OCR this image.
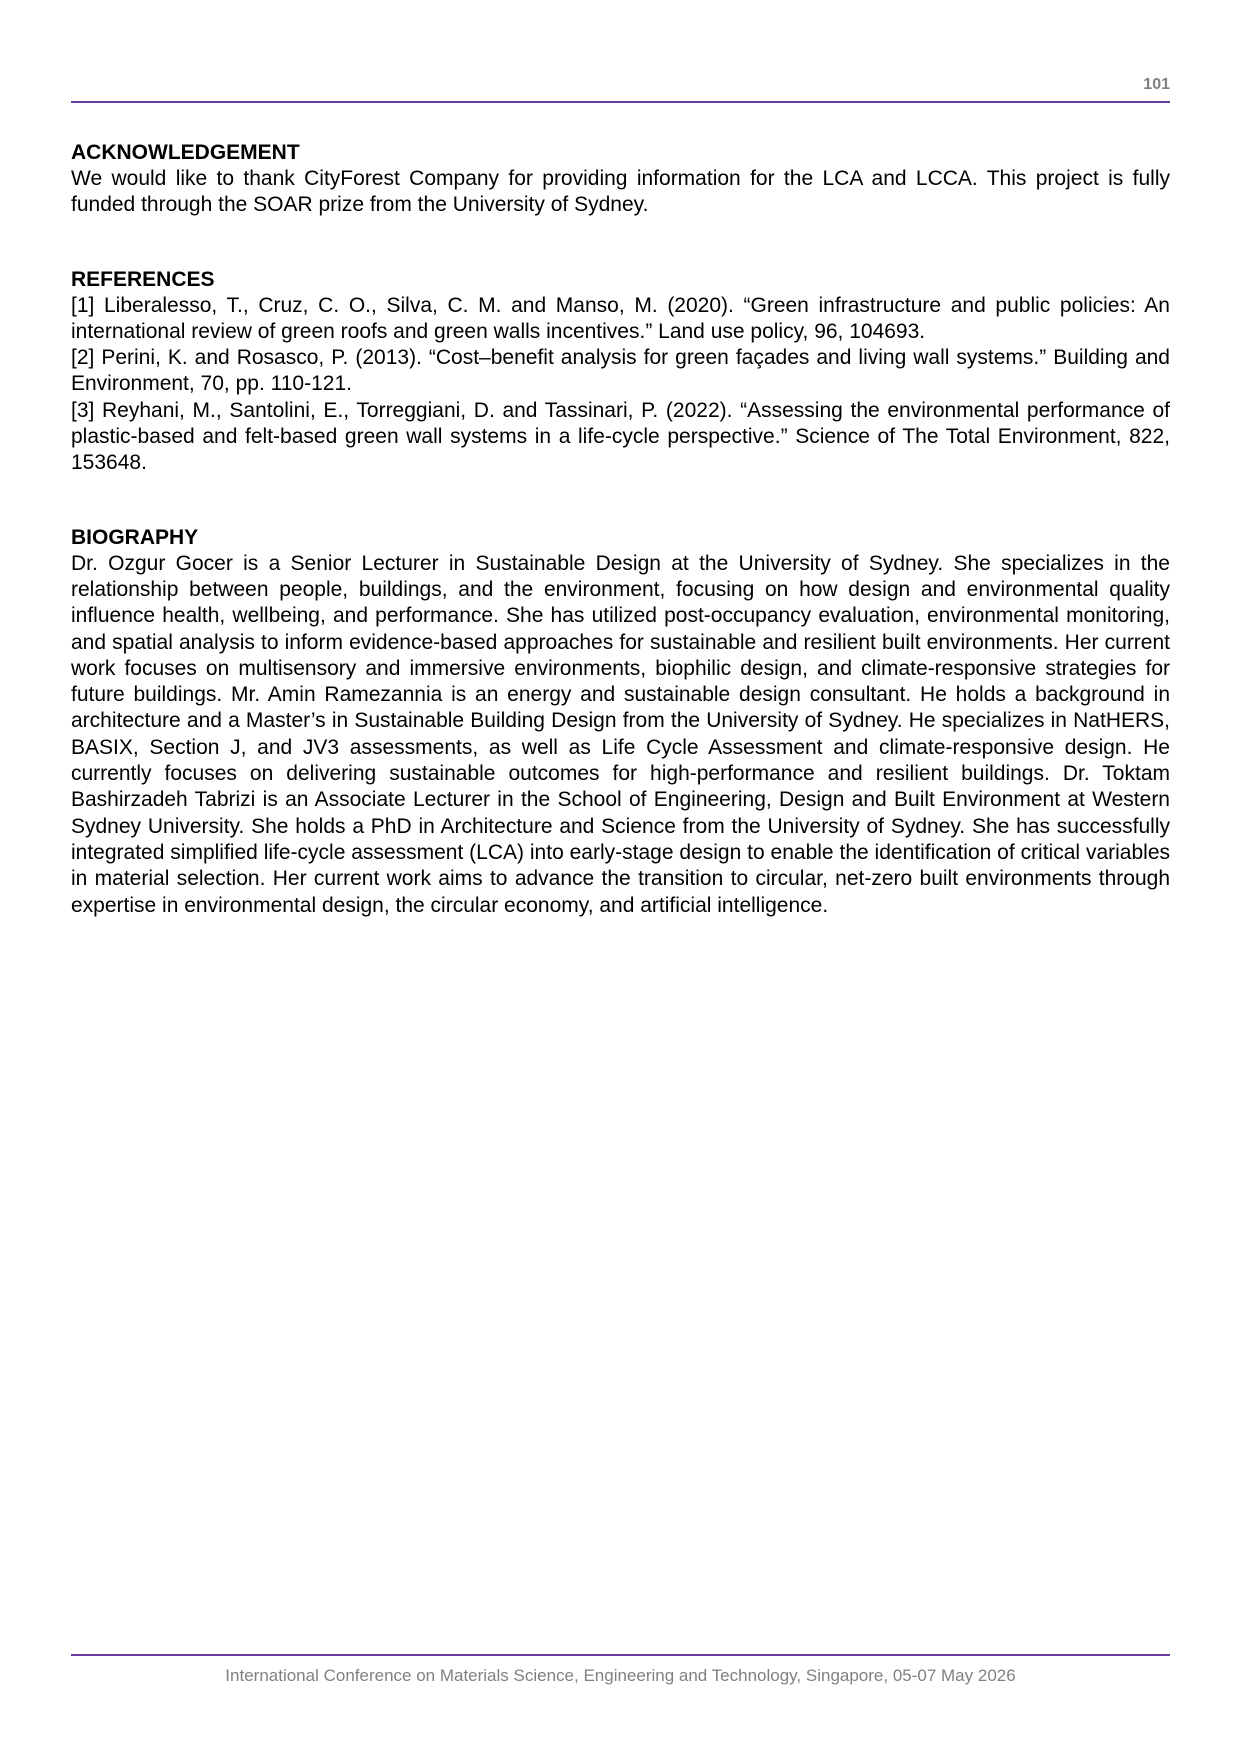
101
ACKNOWLEDGEMENT

We would like to thank CityForest Company for providing information for the LCA and LCCA. This project is fully funded through the SOAR prize from the University of Sydney.

REFERENCES

[1] Liberalesso, T., Cruz, C. O., Silva, C. M. and Manso, M. (2020). “Green infrastructure and public policies: An international review of green roofs and green walls incentives.” Land use policy, 96, 104693.

[2] Perini, K. and Rosasco, P. (2013). “Cost–benefit analysis for green façades and living wall systems.” Building and Environment, 70, pp. 110-121.

[3] Reyhani, M., Santolini, E., Torreggiani, D. and Tassinari, P. (2022). “Assessing the environmental performance of plastic-based and felt-based green wall systems in a life-cycle perspective.” Science of The Total Environment, 822, 153648.

BIOGRAPHY

Dr. Ozgur Gocer is a Senior Lecturer in Sustainable Design at the University of Sydney. She specializes in the relationship between people, buildings, and the environment, focusing on how design and environmental quality influence health, wellbeing, and performance. She has utilized post-occupancy evaluation, environmental monitoring, and spatial analysis to inform evidence-based approaches for sustainable and resilient built environments. Her current work focuses on multisensory and immersive environments, biophilic design, and climate-responsive strategies for future buildings. Mr. Amin Ramezannia is an energy and sustainable design consultant. He holds a background in architecture and a Master’s in Sustainable Building Design from the University of Sydney. He specializes in NatHERS, BASIX, Section J, and JV3 assessments, as well as Life Cycle Assessment and climate-responsive design. He currently focuses on delivering sustainable outcomes for high-performance and resilient buildings. Dr. Toktam Bashirzadeh Tabrizi is an Associate Lecturer in the School of Engineering, Design and Built Environment at Western Sydney University. She holds a PhD in Architecture and Science from the University of Sydney. She has successfully integrated simplified life-cycle assessment (LCA) into early-stage design to enable the identification of critical variables in material selection. Her current work aims to advance the transition to circular, net-zero built environments through expertise in environmental design, the circular economy, and artificial intelligence.

International Conference on Materials Science, Engineering and Technology, Singapore, 05-07 May 2026
